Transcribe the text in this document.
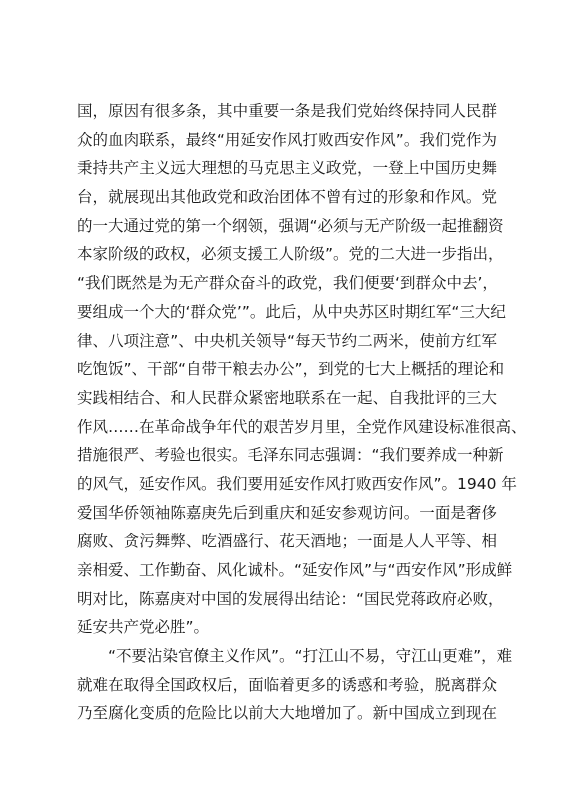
国，原因有很多条，其中重要一条是我们党始终保持同人民群
众的血肉联系，最终“用延安作风打败西安作风”。我们党作为
秉持共产主义远大理想的马克思主义政党，一登上中国历史舞
台，就展现出其他政党和政治团体不曾有过的形象和作风。党
的一大通过党的第一个纲领，强调“必须与无产阶级一起推翻资
本家阶级的政权，必须支援工人阶级”。党的二大进一步指出，
“我们既然是为无产群众奋斗的政党，我们便要‘到群众中去’，
要组成一个大的‘群众党’”。此后，从中央苏区时期红军“三大纪
律、八项注意”、中央机关领导“每天节约二两米，使前方红军
吃饱饭”、干部“自带干粮去办公”，到党的七大上概括的理论和
实践相结合、和人民群众紧密地联系在一起、自我批评的三大
作风……在革命战争年代的艰苦岁月里，全党作风建设标准很高、
措施很严、考验也很实。毛泽东同志强调：“我们要养成一种新
的风气，延安作风。我们要用延安作风打败西安作风”。1940 年
爱国华侨领袖陈嘉庚先后到重庆和延安参观访问。一面是奢侈
腐败、贪污舞弊、吃酒盛行、花天酒地；一面是人人平等、相
亲相爱、工作勤奋、风化诚朴。“延安作风”与“西安作风”形成鲜
明对比，陈嘉庚对中国的发展得出结论：“国民党蒋政府必败，
延安共产党必胜”。
“不要沾染官僚主义作风”。“打江山不易，守江山更难”，难
就难在取得全国政权后，面临着更多的诱惑和考验，脱离群众
乃至腐化变质的危险比以前大大地增加了。新中国成立到现在
